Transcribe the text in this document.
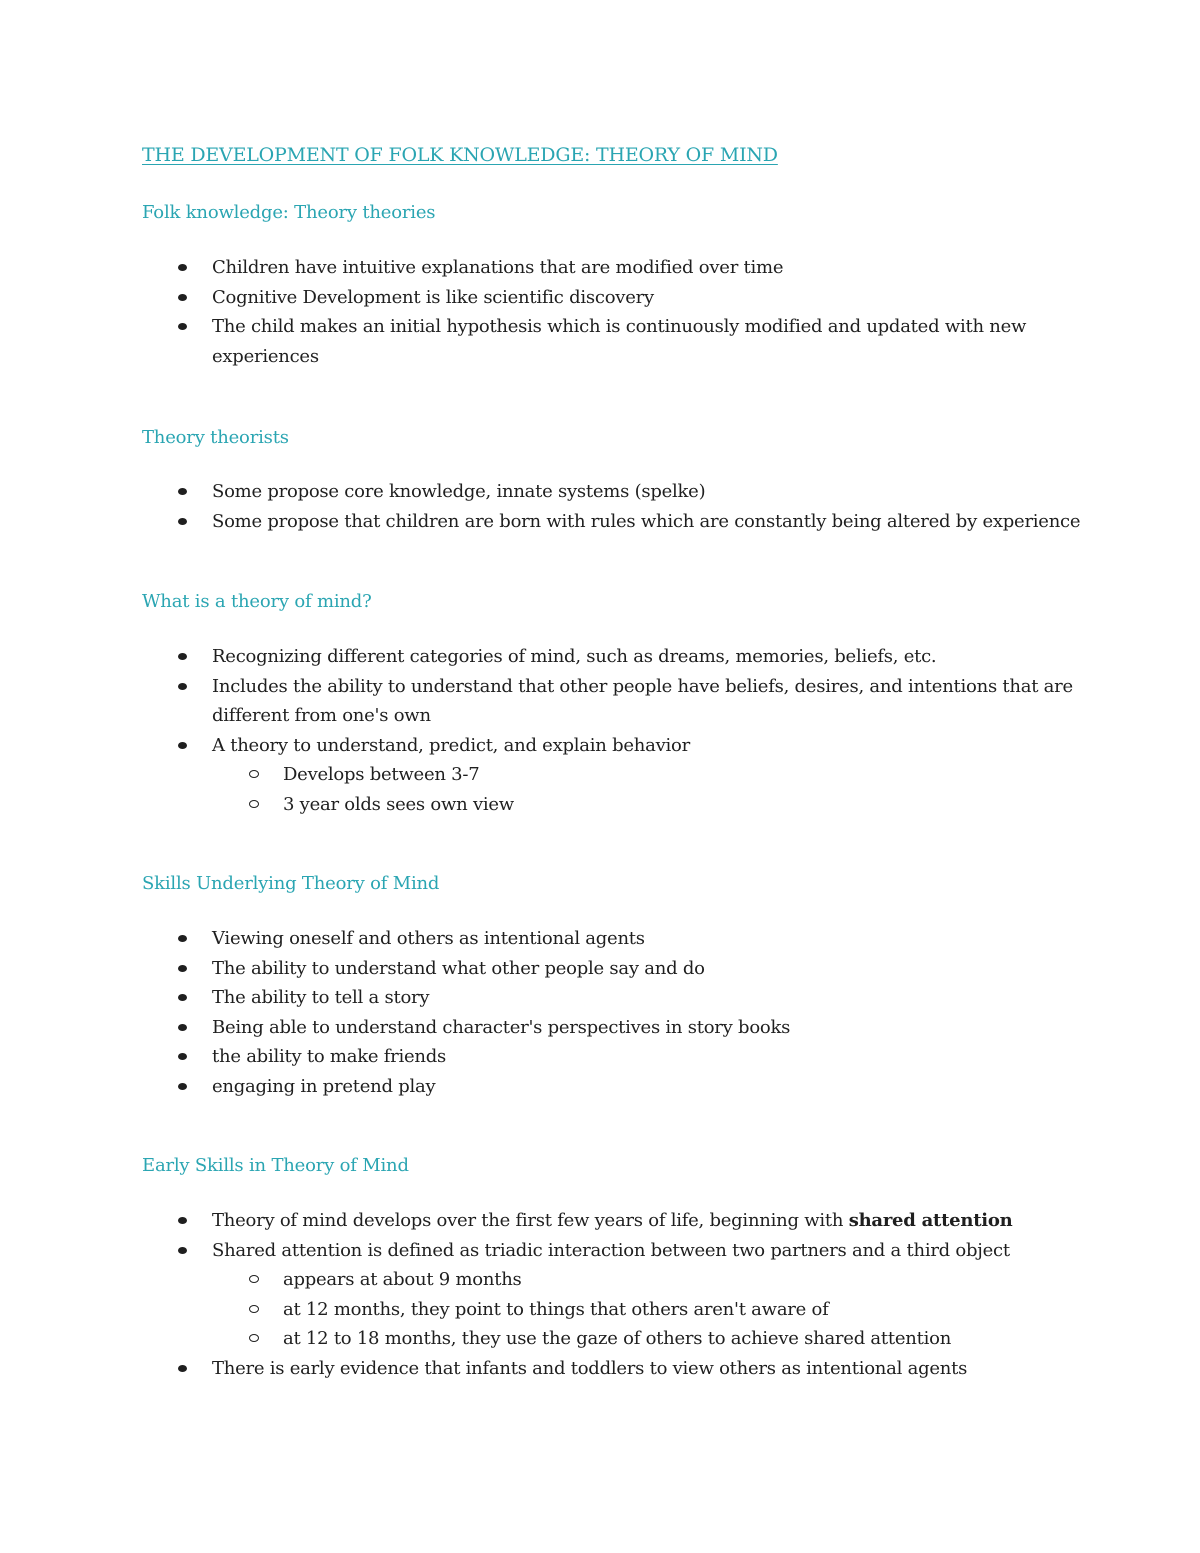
THE DEVELOPMENT OF FOLK KNOWLEDGE: THEORY OF MIND
Folk knowledge: Theory theories
Children have intuitive explanations that are modified over time
Cognitive Development is like scientific discovery
The child makes an initial hypothesis which is continuously modified and updated with new experiences
Theory theorists
Some propose core knowledge, innate systems (spelke)
Some propose that children are born with rules which are constantly being altered by experience
What is a theory of mind?
Recognizing different categories of mind, such as dreams, memories, beliefs, etc.
Includes the ability to understand that other people have beliefs, desires, and intentions that are different from one's own
A theory to understand, predict, and explain behavior
Develops between 3-7
3 year olds sees own view
Skills Underlying Theory of Mind
Viewing oneself and others as intentional agents
The ability to understand what other people say and do
The ability to tell a story
Being able to understand character's perspectives in story books
the ability to make friends
engaging in pretend play
Early Skills in Theory of Mind
Theory of mind develops over the first few years of life, beginning with shared attention
Shared attention is defined as triadic interaction between two partners and a third object
appears at about 9 months
at 12 months, they point to things that others aren't aware of
at 12 to 18 months, they use the gaze of others to achieve shared attention
There is early evidence that infants and toddlers to view others as intentional agents
